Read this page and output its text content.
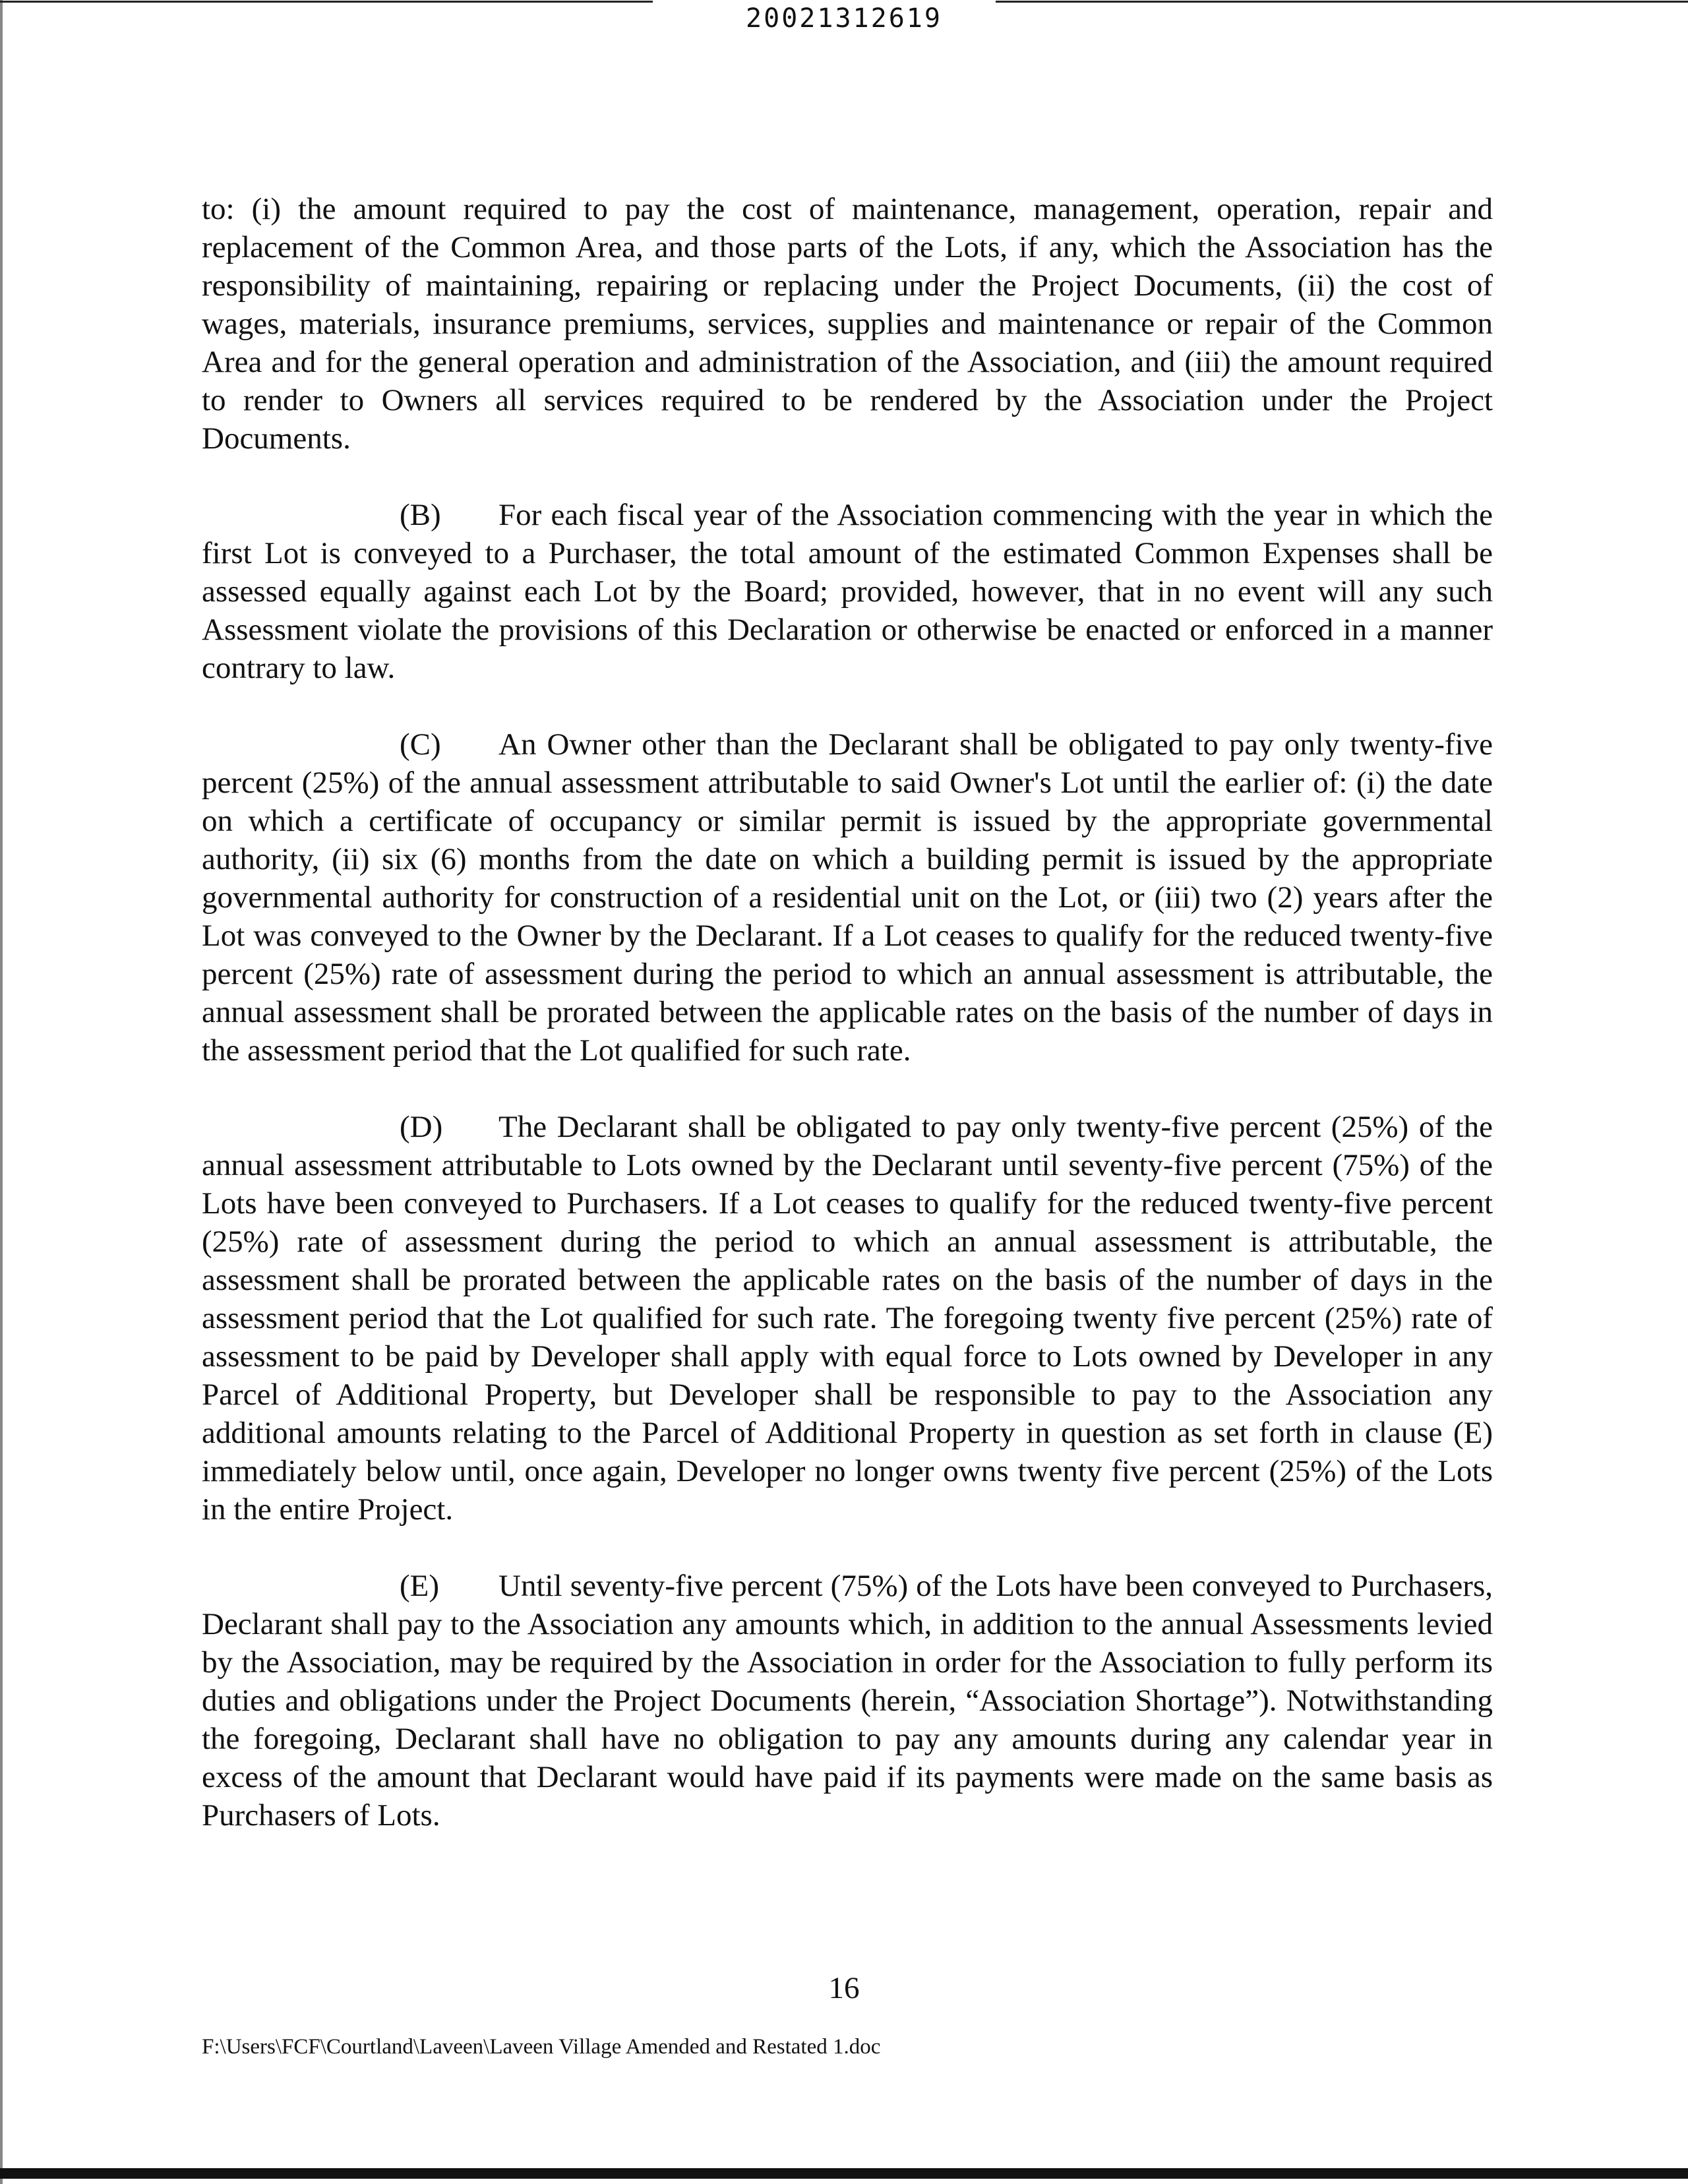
20021312619

to: (i) the amount required to pay the cost of maintenance, management, operation, repair and replacement of the Common Area, and those parts of the Lots, if any, which the Association has the responsibility of maintaining, repairing or replacing under the Project Documents, (ii) the cost of wages, materials, insurance premiums, services, supplies and maintenance or repair of the Common Area and for the general operation and administration of the Association, and (iii) the amount required to render to Owners all services required to be rendered by the Association under the Project Documents.

(B) For each fiscal year of the Association commencing with the year in which the first Lot is conveyed to a Purchaser, the total amount of the estimated Common Expenses shall be assessed equally against each Lot by the Board; provided, however, that in no event will any such Assessment violate the provisions of this Declaration or otherwise be enacted or enforced in a manner contrary to law.

(C) An Owner other than the Declarant shall be obligated to pay only twenty-five percent (25%) of the annual assessment attributable to said Owner's Lot until the earlier of: (i) the date on which a certificate of occupancy or similar permit is issued by the appropriate governmental authority, (ii) six (6) months from the date on which a building permit is issued by the appropriate governmental authority for construction of a residential unit on the Lot, or (iii) two (2) years after the Lot was conveyed to the Owner by the Declarant. If a Lot ceases to qualify for the reduced twenty-five percent (25%) rate of assessment during the period to which an annual assessment is attributable, the annual assessment shall be prorated between the applicable rates on the basis of the number of days in the assessment period that the Lot qualified for such rate.

(D) The Declarant shall be obligated to pay only twenty-five percent (25%) of the annual assessment attributable to Lots owned by the Declarant until seventy-five percent (75%) of the Lots have been conveyed to Purchasers. If a Lot ceases to qualify for the reduced twenty-five percent (25%) rate of assessment during the period to which an annual assessment is attributable, the assessment shall be prorated between the applicable rates on the basis of the number of days in the assessment period that the Lot qualified for such rate. The foregoing twenty five percent (25%) rate of assessment to be paid by Developer shall apply with equal force to Lots owned by Developer in any Parcel of Additional Property, but Developer shall be responsible to pay to the Association any additional amounts relating to the Parcel of Additional Property in question as set forth in clause (E) immediately below until, once again, Developer no longer owns twenty five percent (25%) of the Lots in the entire Project.

(E) Until seventy-five percent (75%) of the Lots have been conveyed to Purchasers, Declarant shall pay to the Association any amounts which, in addition to the annual Assessments levied by the Association, may be required by the Association in order for the Association to fully perform its duties and obligations under the Project Documents (herein, “Association Shortage”). Notwithstanding the foregoing, Declarant shall have no obligation to pay any amounts during any calendar year in excess of the amount that Declarant would have paid if its payments were made on the same basis as Purchasers of Lots.

16
F:\Users\FCF\Courtland\Laveen\Laveen Village Amended and Restated 1.doc
